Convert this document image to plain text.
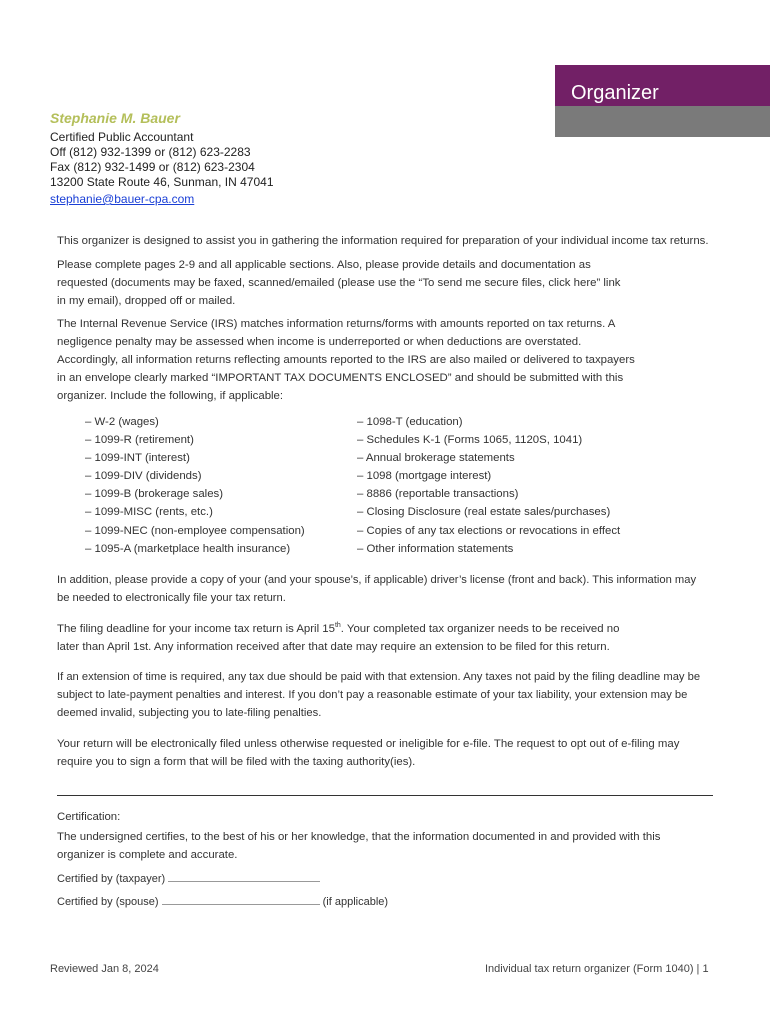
Organizer
Stephanie M. Bauer
Certified Public Accountant
Off (812) 932-1399 or (812) 623-2283
Fax (812) 932-1499 or (812) 623-2304
13200 State Route 46, Sunman, IN 47041
stephanie@bauer-cpa.com

This organizer is designed to assist you in gathering the information required for preparation of your individual income tax returns.

Please complete pages 2-9 and all applicable sections. Also, please provide details and documentation as
requested (documents may be faxed, scanned/emailed (please use the “To send me secure files, click here” link
in my email), dropped off or mailed.
The Internal Revenue Service (IRS) matches information returns/forms with amounts reported on tax returns. A
negligence penalty may be assessed when income is underreported or when deductions are overstated.
Accordingly, all information returns reflecting amounts reported to the IRS are also mailed or delivered to taxpayers
in an envelope clearly marked “IMPORTANT TAX DOCUMENTS ENCLOSED” and should be submitted with this
organizer. Include the following, if applicable:
– W-2 (wages)
– 1099-R (retirement)
– 1099-INT (interest)
– 1099-DIV (dividends)
– 1099-B (brokerage sales)
– 1099-MISC (rents, etc.)
– 1099-NEC (non-employee compensation)
– 1095-A (marketplace health insurance)
– 1098-T (education)
– Schedules K-1 (Forms 1065, 1120S, 1041)
– Annual brokerage statements
– 1098 (mortgage interest)
– 8886 (reportable transactions)
– Closing Disclosure (real estate sales/purchases)
– Copies of any tax elections or revocations in effect
– Other information statements
In addition, please provide a copy of your (and your spouse’s, if applicable) driver’s license (front and back). This information may
be needed to electronically file your tax return.
The filing deadline for your income tax return is April 15th. Your completed tax organizer needs to be received no
later than April 1st. Any information received after that date may require an extension to be filed for this return.
If an extension of time is required, any tax due should be paid with that extension. Any taxes not paid by the filing deadline may be
subject to late-payment penalties and interest. If you don’t pay a reasonable estimate of your tax liability, your extension may be
deemed invalid, subjecting you to late-filing penalties.
Your return will be electronically filed unless otherwise requested or ineligible for e-file. The request to opt out of e-filing may
require you to sign a form that will be filed with the taxing authority(ies).
Certification:
The undersigned certifies, to the best of his or her knowledge, that the information documented in and provided with this
organizer is complete and accurate.
Certified by (taxpayer)
Certified by (spouse)	(if applicable)
Reviewed Jan 8, 2024	Individual tax return organizer (Form 1040) | 1
